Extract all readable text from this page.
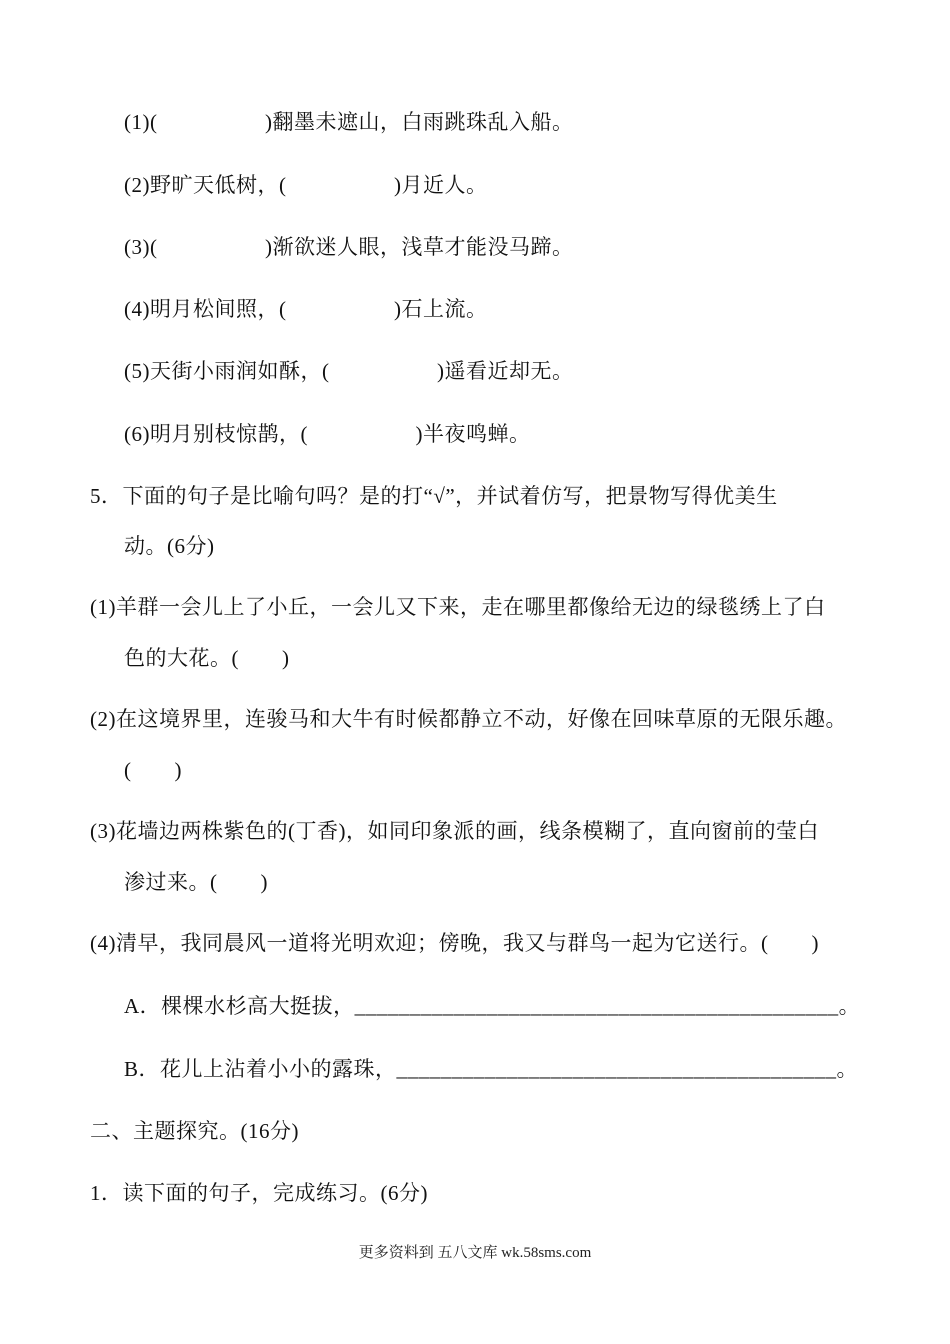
(1)(　　　　　)翻墨未遮山，白雨跳珠乱入船。
(2)野旷天低树，(　　　　　)月近人。
(3)(　　　　　)渐欲迷人眼，浅草才能没马蹄。
(4)明月松间照，(　　　　　)石上流。
(5)天街小雨润如酥，(　　　　　)遥看近却无。
(6)明月别枝惊鹊，(　　　　　)半夜鸣蝉。
5．下面的句子是比喻句吗？是的打“√”，并试着仿写，把景物写得优美生
动。(6分)
(1)羊群一会儿上了小丘，一会儿又下来，走在哪里都像给无边的绿毯绣上了白
色的大花。(　　)
(2)在这境界里，连骏马和大牛有时候都静立不动，好像在回味草原的无限乐趣。
(　　)
(3)花墙边两株紫色的(丁香)，如同印象派的画，线条模糊了，直向窗前的莹白
渗过来。(　　)
(4)清早，我同晨风一道将光明欢迎；傍晚，我又与群鸟一起为它送行。(　　)
A．棵棵水杉高大挺拔，____________________________________________。
B．花儿上沾着小小的露珠，________________________________________。
二、主题探究。(16分)
1．读下面的句子，完成练习。(6分)
更多资料到 五八文库 wk.58sms.com
